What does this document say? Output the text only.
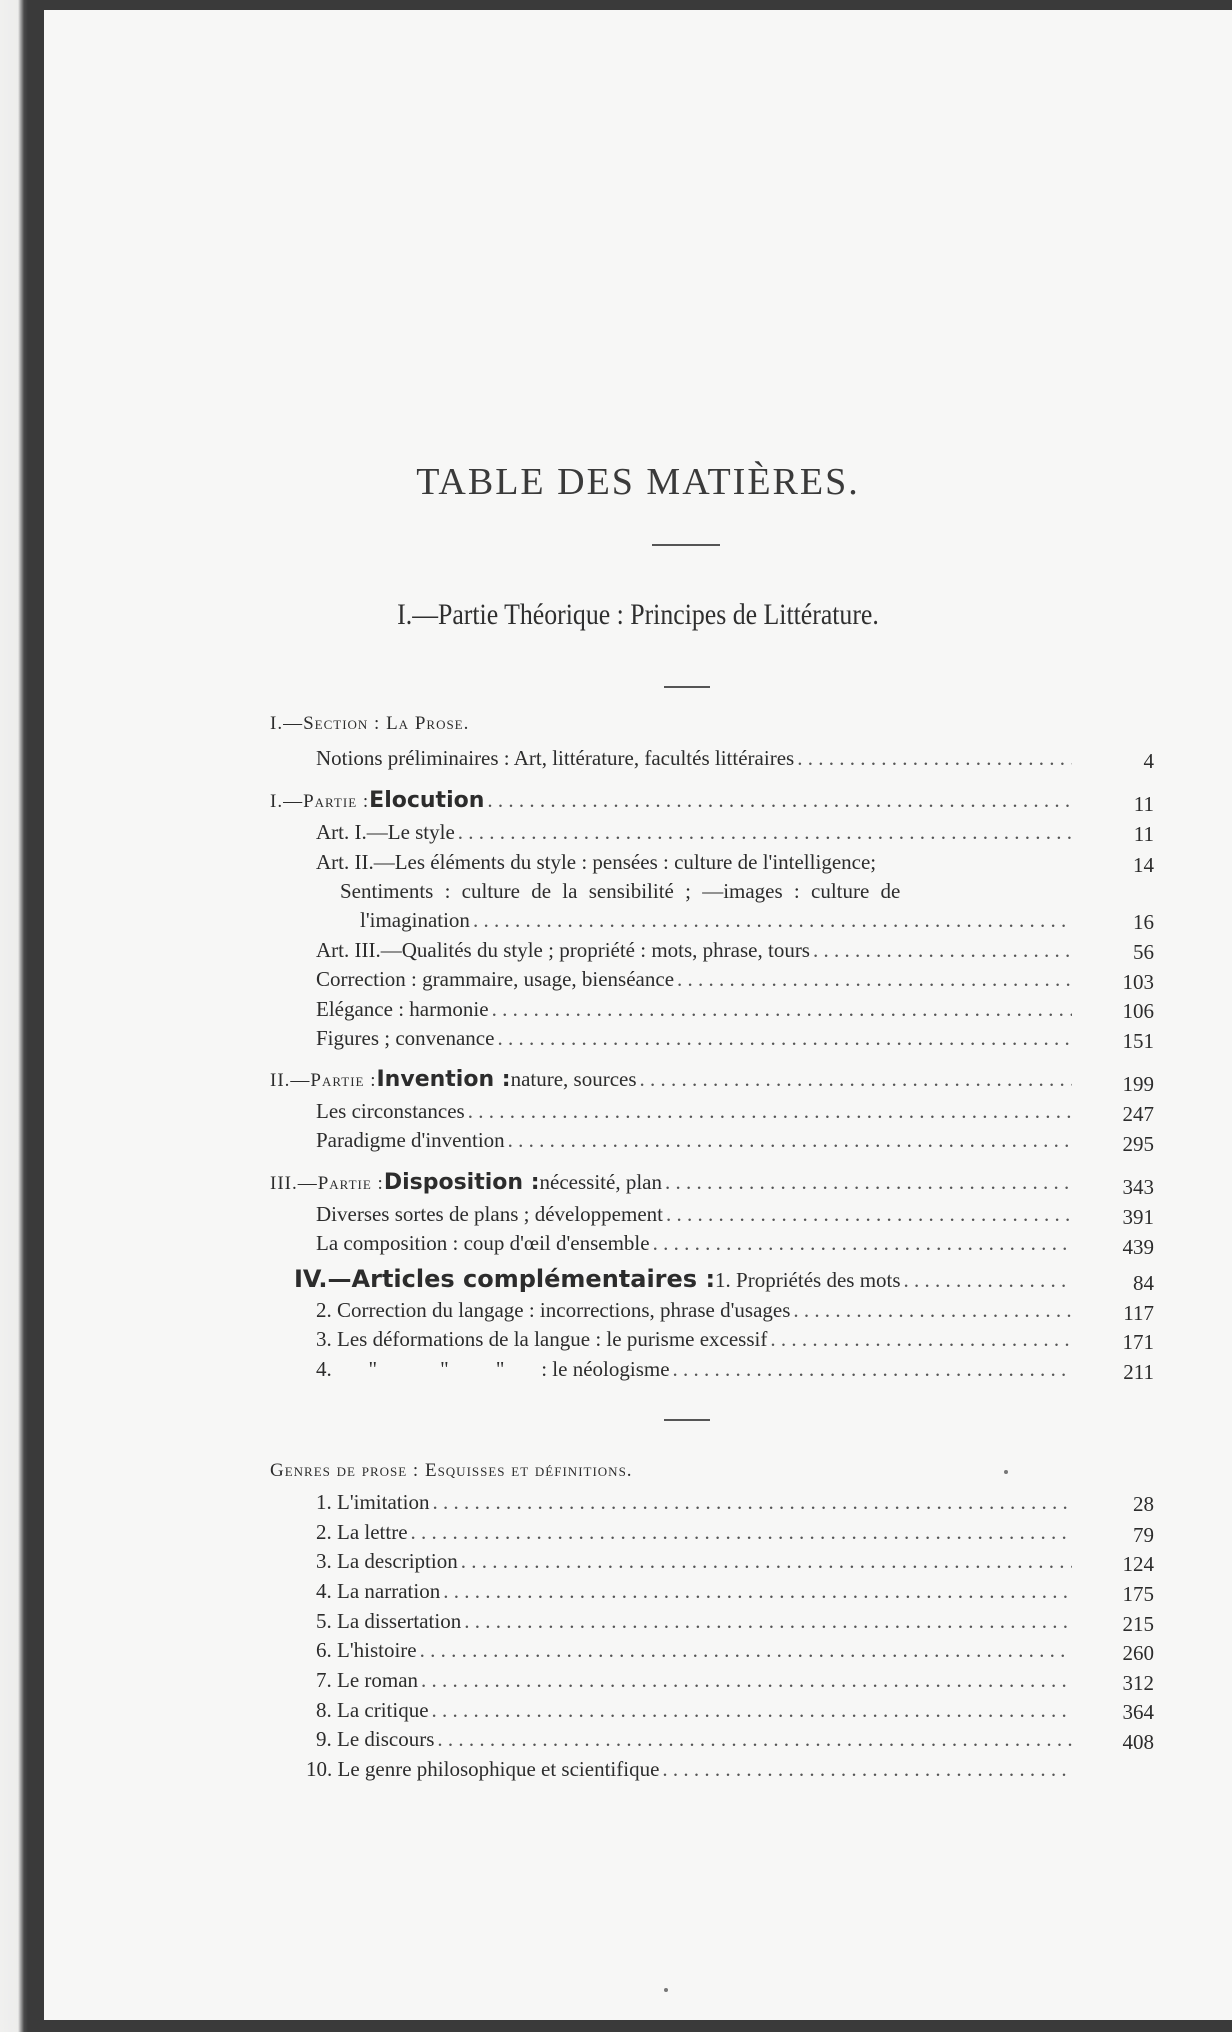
TABLE DES MATIÈRES.
I.—Partie Théorique : Principes de Littérature.
I.—Section : La Prose.
Notions préliminaires : Art, littérature, facultés littéraires . . .	4
I.—Partie : Elocution . . .	11
Art. I.—Le style . . .	11
Art. II.—Les éléments du style : pensées : culture de l'intelligence;	14
Sentiments : culture de la sensibilité ; —images : culture de
l'imagination . . .	16
Art. III.—Qualités du style ; propriété : mots, phrase, tours . . .	56
Correction : grammaire, usage, bienséance . . .	103
Elégance : harmonie . . .	106
Figures ; convenance . . .	151
II.—Partie : Invention : nature, sources . . .	199
Les circonstances . . .	247
Paradigme d'invention . . .	295
III.—Partie : Disposition : nécessité, plan . . .	343
Diverses sortes de plans ; développement . . .	391
La composition : coup d'œil d'ensemble . . .	439
IV.— Articles complémentaires : 1. Propriétés des mots . . .	84
2. Correction du langage : incorrections, phrase d'usages . . .	117
3. Les déformations de la langue : le purisme excessif . . .	171
4.       "            "         "       : le néologisme . . .	211
Genres de prose : Esquisses et définitions.
1. L'imitation . . .	28
2. La lettre . . .	79
3. La description . . .	124
4. La narration . . .	175
5. La dissertation . . .	215
6. L'histoire . . .	260
7. Le roman . . .	312
8. La critique . . .	364
9. Le discours . . .	408
10. Le genre philosophique et scientifique
. . .
